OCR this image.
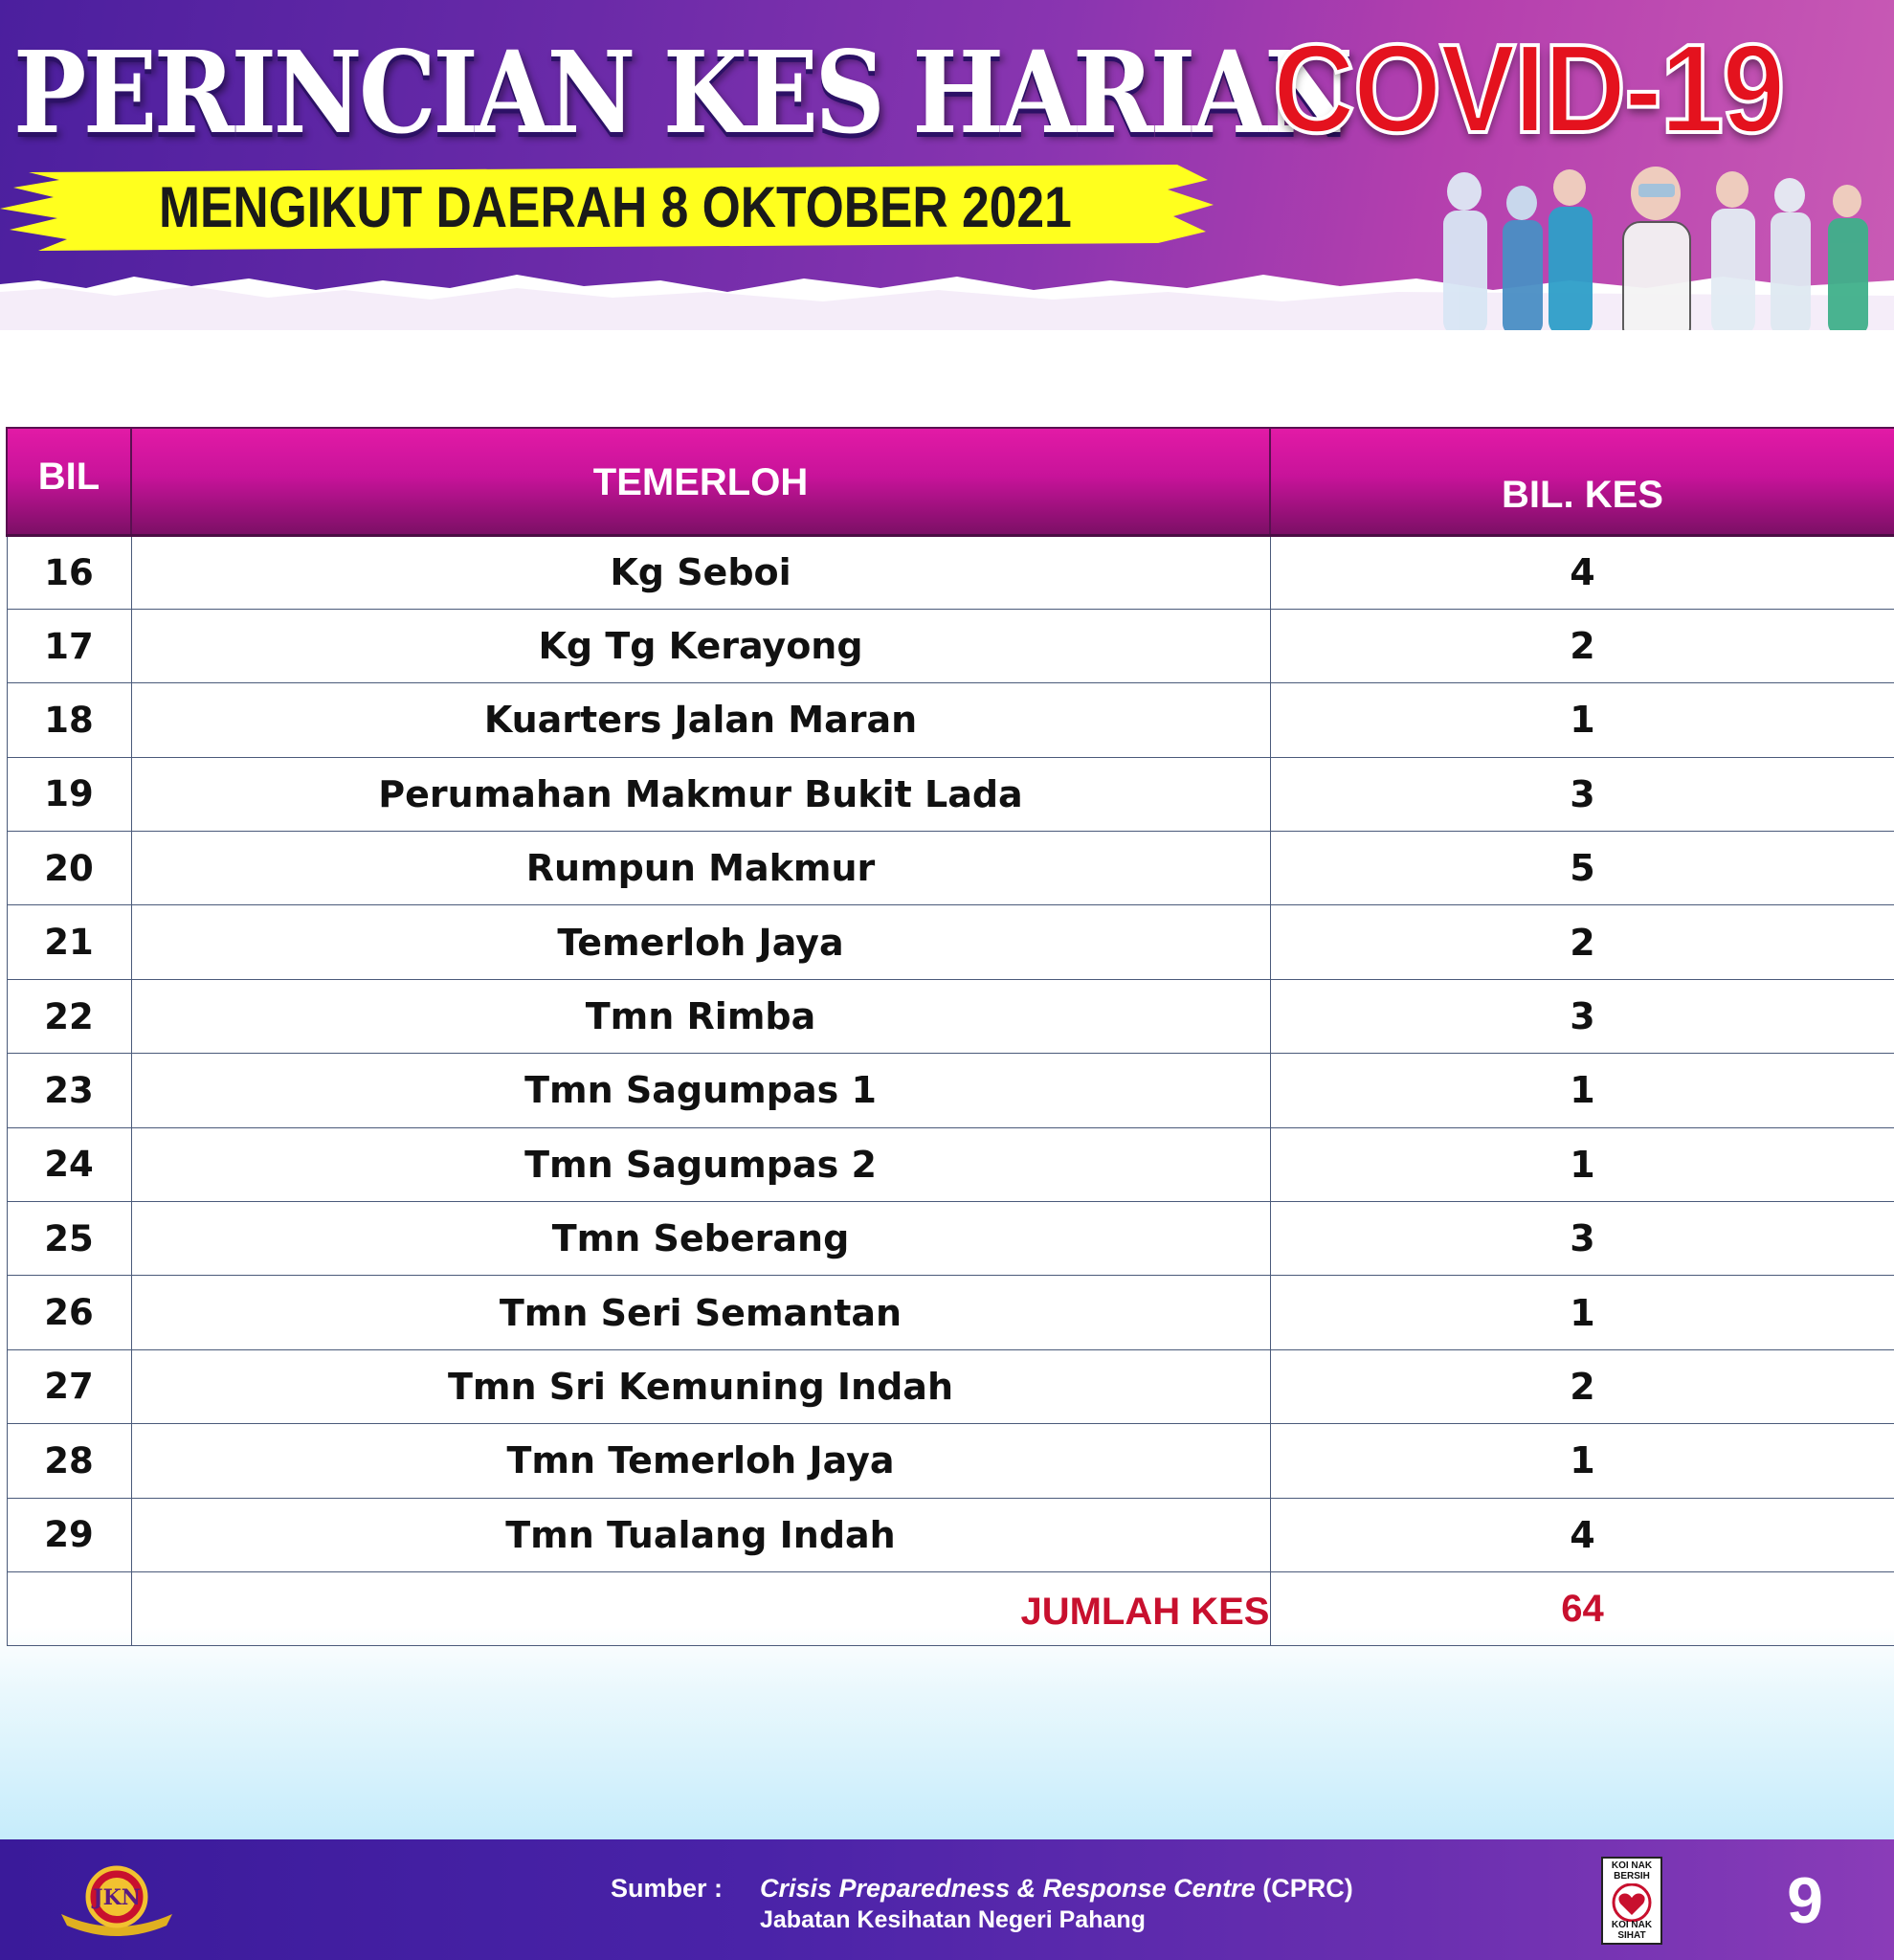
PERINCIAN KES HARIAN
COVID-19
MENGIKUT DAERAH 8 OKTOBER 2021
BIL	TEMERLOH	BIL. KES
16	Kg Seboi	4
17	Kg Tg Kerayong	2
18	Kuarters Jalan Maran	1
19	Perumahan Makmur Bukit Lada	3
20	Rumpun Makmur	5
21	Temerloh Jaya	2
22	Tmn Rimba	3
23	Tmn Sagumpas 1	1
24	Tmn Sagumpas 2	1
25	Tmn Seberang	3
26	Tmn Seri Semantan	1
27	Tmn Sri Kemuning Indah	2
28	Tmn Temerloh Jaya	1
29	Tmn Tualang Indah	4
	JUMLAH KES	64
JKN	Sumber : Crisis Preparedness & Response Centre (CPRC)
Jabatan Kesihatan Negeri Pahang
KOI NAK BERSIH
KOI NAK SIHAT 9
